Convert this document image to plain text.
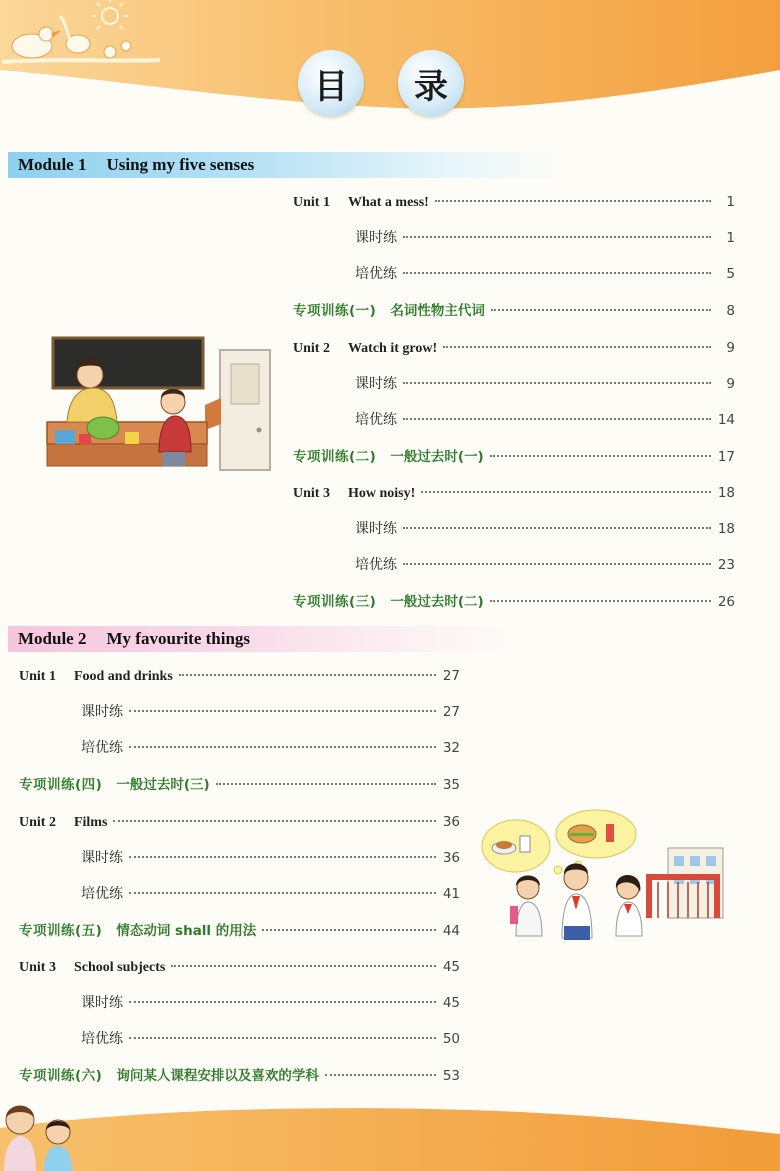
目	录
Module 1 Using my five senses
Unit 1 What a mess!	1
课时练	1
培优练	5
专项训练(一) 名词性物主代词	8
Unit 2 Watch it grow!	9
课时练	9
培优练	14
专项训练(二) 一般过去时(一)	17
Unit 3 How noisy!	18
课时练	18
培优练	23
专项训练(三) 一般过去时(二)	26
Module 2 My favourite things
Unit 1 Food and drinks	27
课时练	27
培优练	32
专项训练(四) 一般过去时(三)	35
Unit 2 Films	36
课时练	36
培优练	41
专项训练(五) 情态动词 shall 的用法	44
Unit 3 School subjects	45
课时练	45
培优练	50
专项训练(六) 询问某人课程安排以及喜欢的学科	53
